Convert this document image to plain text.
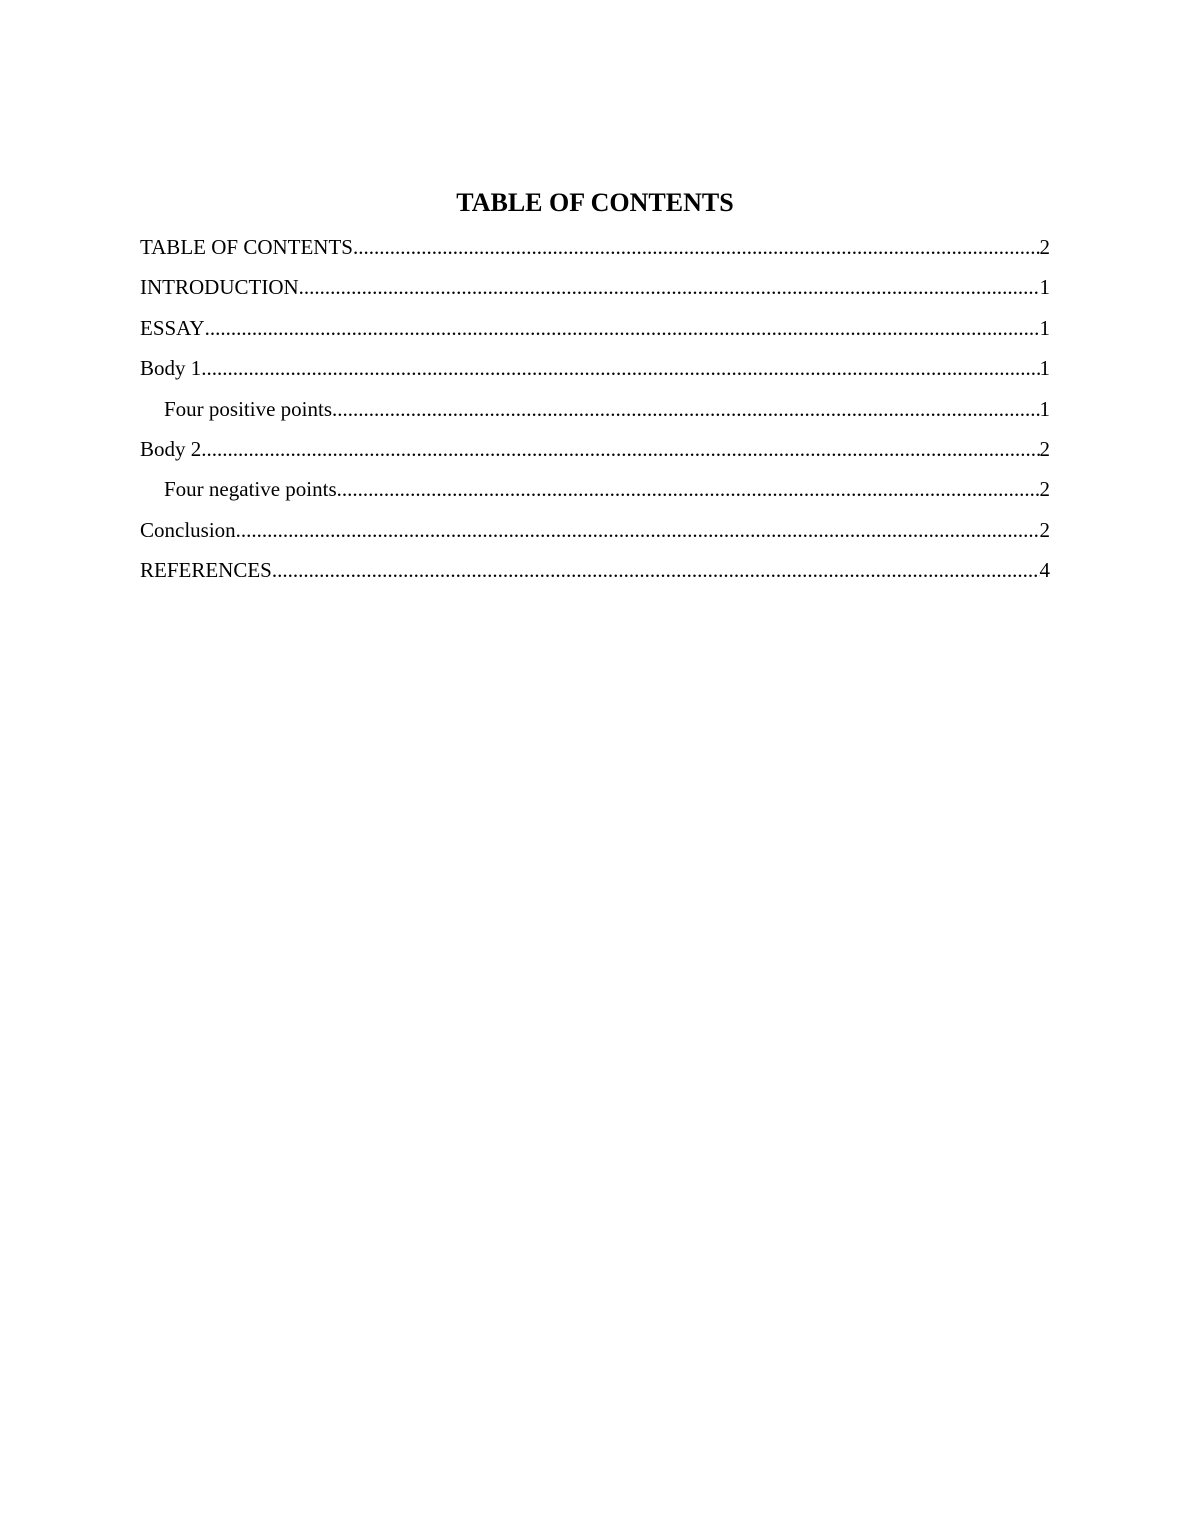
TABLE OF CONTENTS
TABLE OF CONTENTS .....	2
INTRODUCTION .....	1
ESSAY .....	1
Body 1 .....	1
Four positive points .....	1
Body 2 .....	2
Four negative points .....	2
Conclusion .....	2
REFERENCES .....	4
